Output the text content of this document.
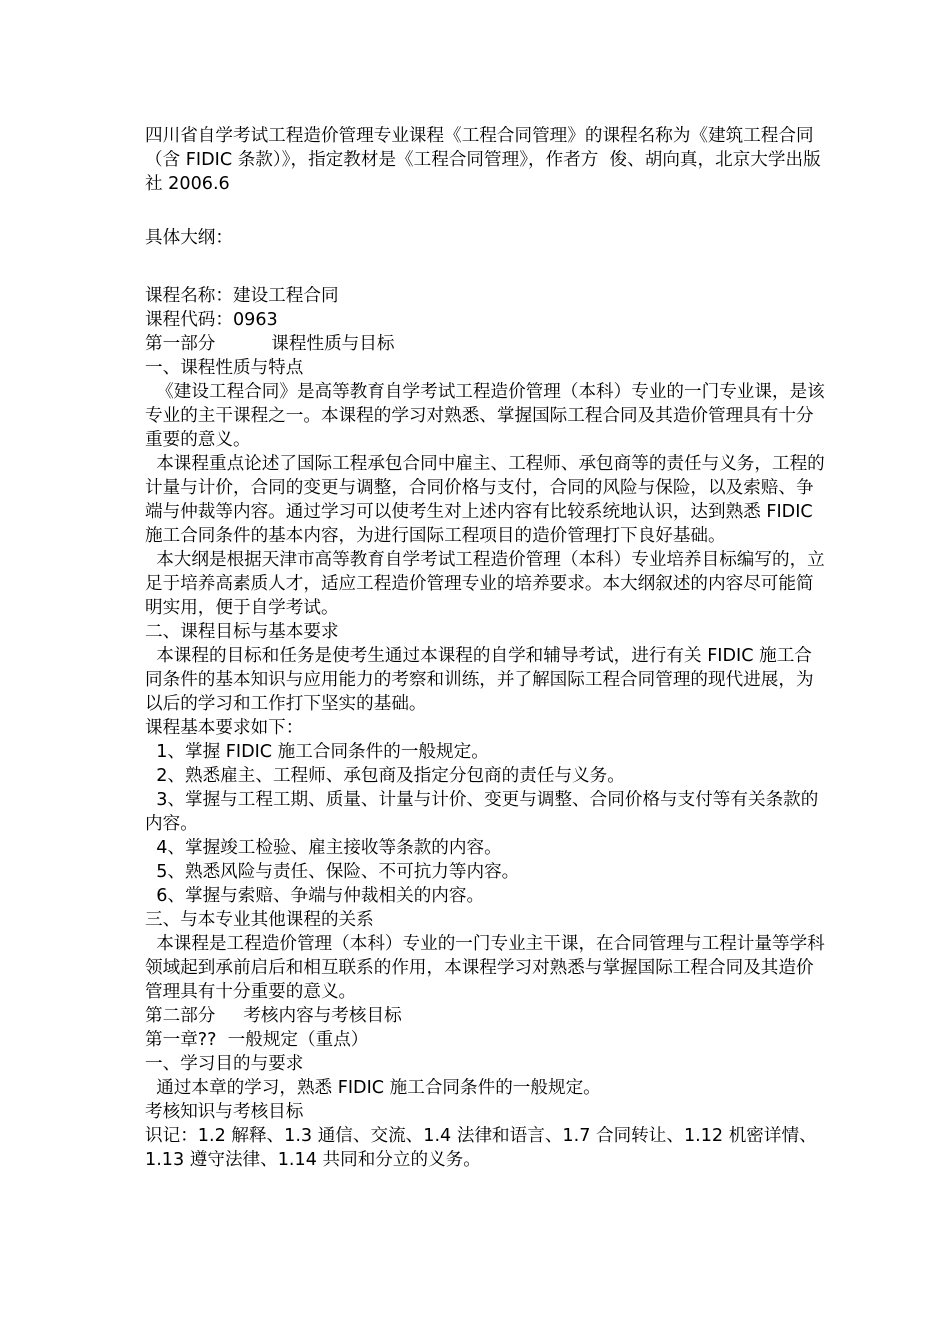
四川省自学考试工程造价管理专业课程《工程合同管理》的课程名称为《建筑工程合同（含 FIDIC 条款）》，指定教材是《工程合同管理》，作者方  俊、胡向真，北京大学出版社 2006.6

具体大纲：

课程名称：建设工程合同

课程代码：0963

第一部分          课程性质与目标

一、课程性质与特点

《建设工程合同》是高等教育自学考试工程造价管理（本科）专业的一门专业课，是该专业的主干课程之一。本课程的学习对熟悉、掌握国际工程合同及其造价管理具有十分重要的意义。

本课程重点论述了国际工程承包合同中雇主、工程师、承包商等的责任与义务，工程的计量与计价，合同的变更与调整，合同价格与支付，合同的风险与保险，以及索赔、争端与仲裁等内容。通过学习可以使考生对上述内容有比较系统地认识，达到熟悉 FIDIC 施工合同条件的基本内容，为进行国际工程项目的造价管理打下良好基础。

本大纲是根据天津市高等教育自学考试工程造价管理（本科）专业培养目标编写的，立足于培养高素质人才，适应工程造价管理专业的培养要求。本大纲叙述的内容尽可能简明实用，便于自学考试。

二、课程目标与基本要求

本课程的目标和任务是使考生通过本课程的自学和辅导考试，进行有关 FIDIC 施工合同条件的基本知识与应用能力的考察和训练，并了解国际工程合同管理的现代进展，为以后的学习和工作打下坚实的基础。

课程基本要求如下：

1、掌握 FIDIC 施工合同条件的一般规定。

2、熟悉雇主、工程师、承包商及指定分包商的责任与义务。

3、掌握与工程工期、质量、计量与计价、变更与调整、合同价格与支付等有关条款的内容。

4、掌握竣工检验、雇主接收等条款的内容。

5、熟悉风险与责任、保险、不可抗力等内容。

6、掌握与索赔、争端与仲裁相关的内容。

三、与本专业其他课程的关系

本课程是工程造价管理（本科）专业的一门专业主干课，在合同管理与工程计量等学科领域起到承前启后和相互联系的作用，本课程学习对熟悉与掌握国际工程合同及其造价管理具有十分重要的意义。

第二部分     考核内容与考核目标

第一章??  一般规定（重点）

一、学习目的与要求

通过本章的学习，熟悉 FIDIC 施工合同条件的一般规定。

考核知识与考核目标

识记：1.2 解释、1.3 通信、交流、1.4 法律和语言、1.7 合同转让、1.12 机密详情、1.13 遵守法律、1.14 共同和分立的义务。
